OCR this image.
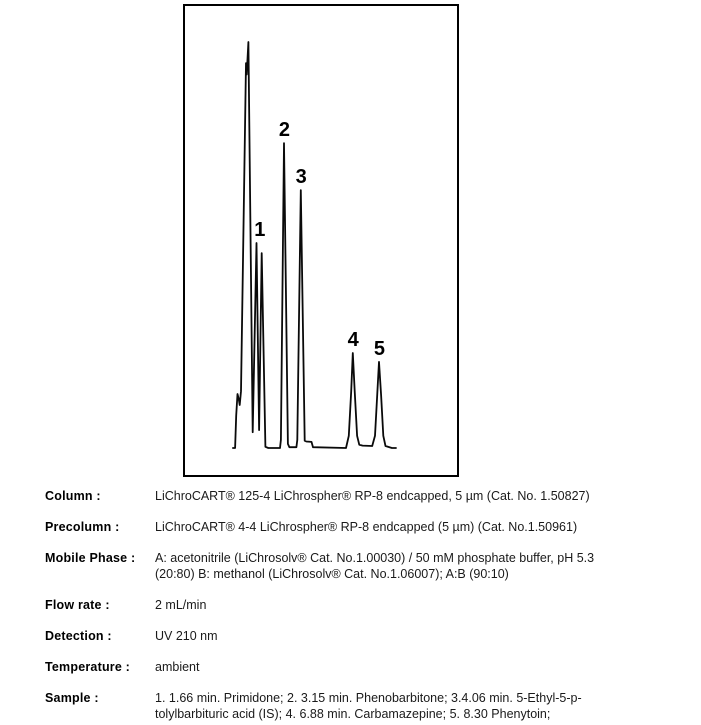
1
2
3
4 5
Column :	LiChroCART® 125-4 LiChrospher® RP-8 endcapped, 5 µm (Cat. No. 1.50827)
Precolumn :	LiChroCART® 4-4 LiChrospher® RP-8 endcapped (5 µm) (Cat. No.1.50961)
Mobile Phase :	A: acetonitrile (LiChrosolv® Cat. No.1.00030) / 50 mM phosphate buffer, pH 5.3
(20:80) B: methanol (LiChrosolv® Cat. No.1.06007); A:B (90:10)
Flow rate :	2 mL/min
Detection :	UV 210 nm
Temperature :	ambient
Sample :	1. 1.66 min. Primidone; 2. 3.15 min. Phenobarbitone; 3.4.06 min. 5-Ethyl-5-p-
tolylbarbituric acid (IS); 4. 6.88 min. Carbamazepine; 5. 8.30 Phenytoin;
